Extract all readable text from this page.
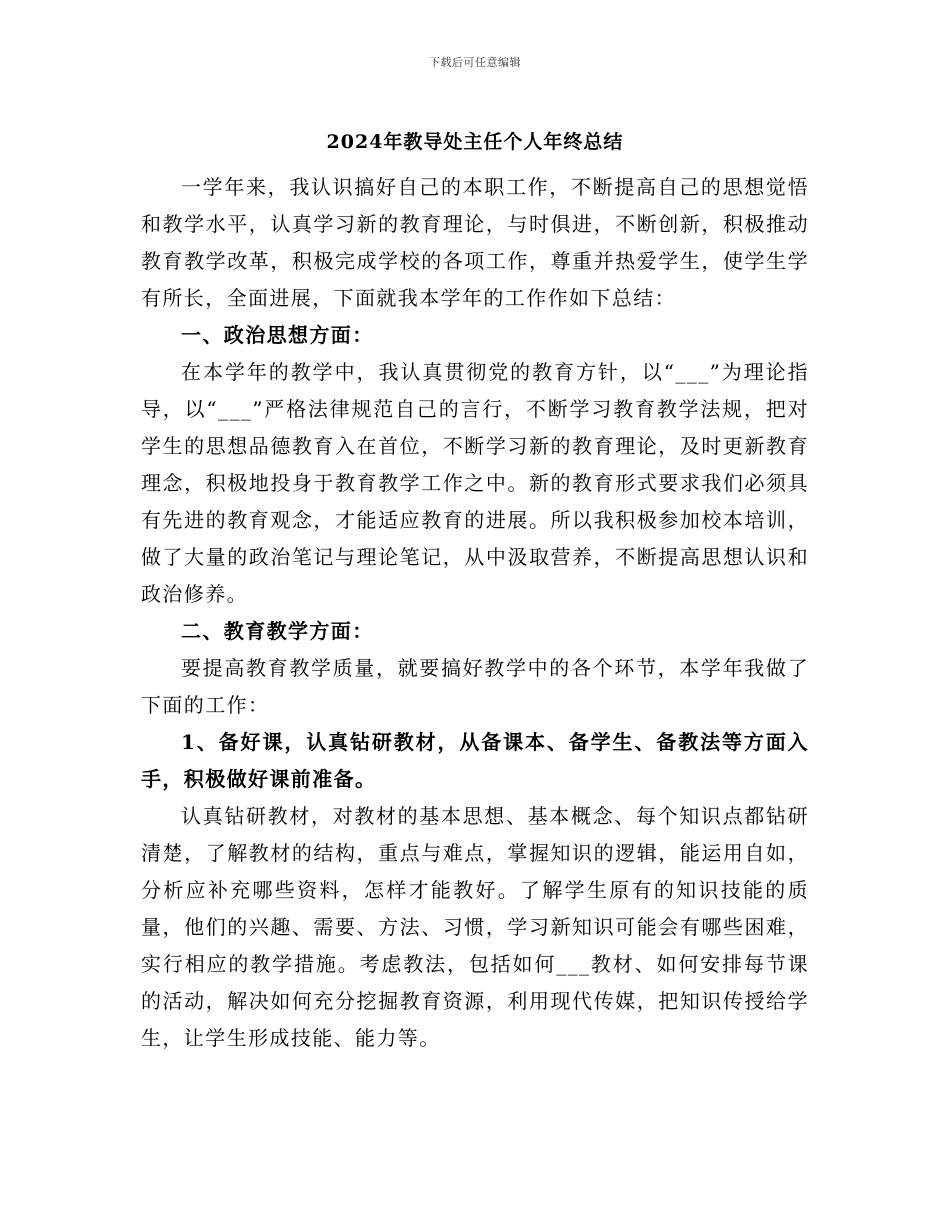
下载后可任意编辑
2024年教导处主任个人年终总结

一学年来，我认识搞好自己的本职工作，不断提高自己的思想觉悟和教学水平，认真学习新的教育理论，与时俱进，不断创新，积极推动教育教学改革，积极完成学校的各项工作，尊重并热爱学生，使学生学有所长，全面进展，下面就我本学年的工作作如下总结：

一、政治思想方面：

在本学年的教学中，我认真贯彻党的教育方针，以“___”为理论指导，以“___”严格法律规范自己的言行，不断学习教育教学法规，把对学生的思想品德教育入在首位，不断学习新的教育理论，及时更新教育理念，积极地投身于教育教学工作之中。新的教育形式要求我们必须具有先进的教育观念，才能适应教育的进展。所以我积极参加校本培训，做了大量的政治笔记与理论笔记，从中汲取营养，不断提高思想认识和政治修养。

二、教育教学方面：

要提高教育教学质量，就要搞好教学中的各个环节，本学年我做了下面的工作：

1、备好课，认真钻研教材，从备课本、备学生、备教法等方面入手，积极做好课前准备。

认真钻研教材，对教材的基本思想、基本概念、每个知识点都钻研清楚，了解教材的结构，重点与难点，掌握知识的逻辑，能运用自如，分析应补充哪些资料，怎样才能教好。了解学生原有的知识技能的质量，他们的兴趣、需要、方法、习惯，学习新知识可能会有哪些困难，实行相应的教学措施。考虑教法，包括如何___教材、如何安排每节课的活动，解决如何充分挖掘教育资源，利用现代传媒，把知识传授给学生，让学生形成技能、能力等。
